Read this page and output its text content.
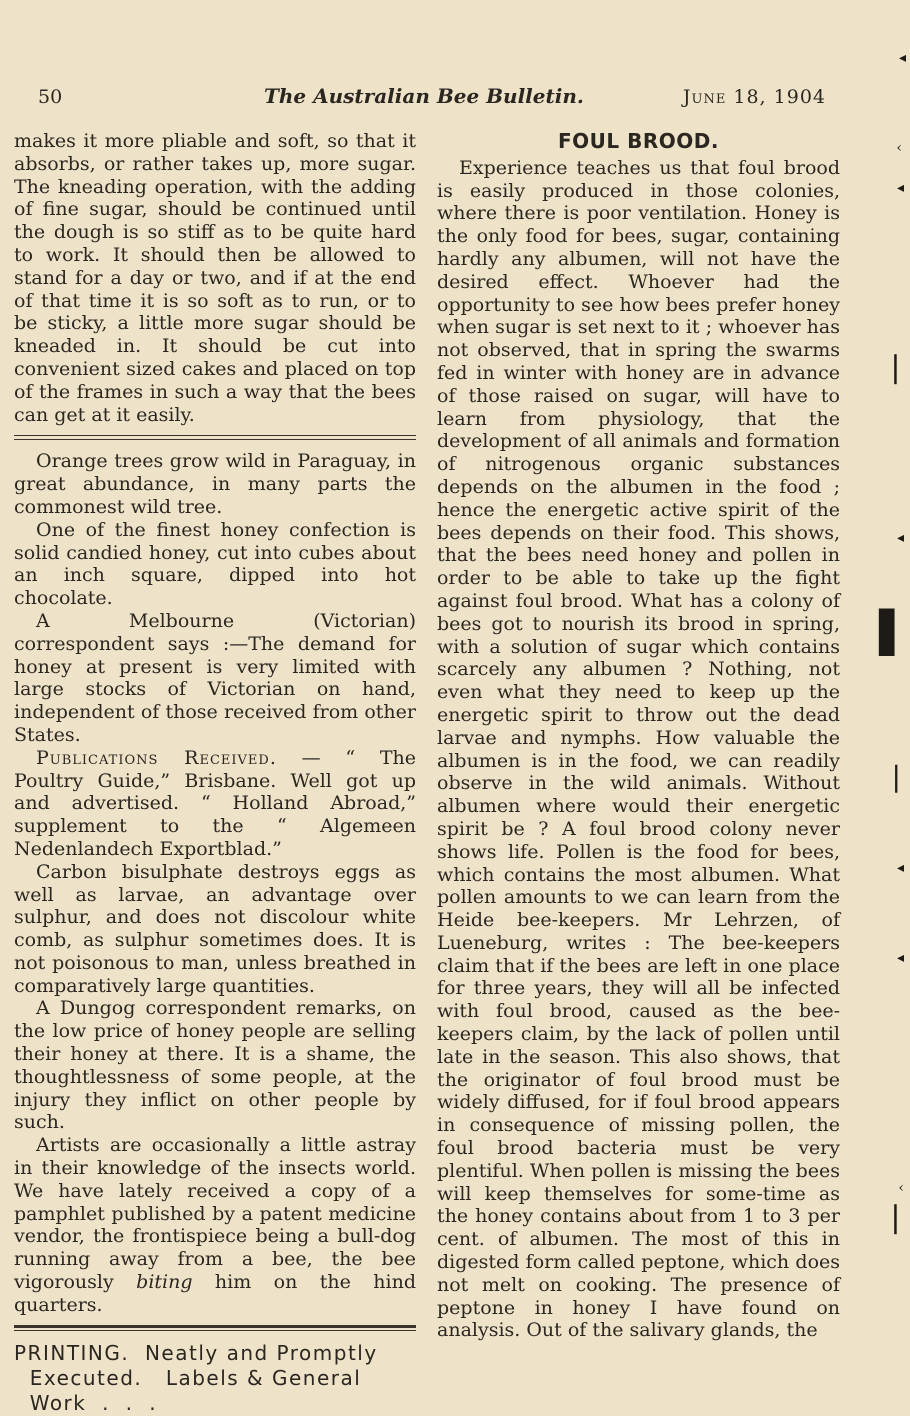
50	The Australian Bee Bulletin.	June 18, 1904

makes it more pliable and soft, so that it absorbs, or rather takes up, more sugar. The kneading operation, with the adding of fine sugar, should be continued until the dough is so stiff as to be quite hard to work. It should then be allowed to stand for a day or two, and if at the end of that time it is so soft as to run, or to be sticky, a little more sugar should be kneaded in. It should be cut into convenient sized cakes and placed on top of the frames in such a way that the bees can get at it easily.

Orange trees grow wild in Paraguay, in great abundance, in many parts the commonest wild tree.

One of the finest honey confection is solid candied honey, cut into cubes about an inch square, dipped into hot chocolate.

A Melbourne (Victorian) correspondent says :—The demand for honey at present is very limited with large stocks of Victorian on hand, independent of those received from other States.

Publications Received. — “ The Poultry Guide,” Brisbane. Well got up and advertised. “ Holland Abroad,” supplement to the “ Algemeen Nedenlandech Exportblad.”

Carbon bisulphate destroys eggs as well as larvae, an advantage over sulphur, and does not discolour white comb, as sulphur sometimes does. It is not poisonous to man, unless breathed in comparatively large quantities.

A Dungog correspondent remarks, on the low price of honey people are selling their honey at there. It is a shame, the thoughtlessness of some people, at the injury they inflict on other people by such.

Artists are occasionally a little astray in their knowledge of the insects world. We have lately received a copy of a pamphlet published by a patent medicine vendor, the frontispiece being a bull-dog running away from a bee, the bee vigorously biting him on the hind quarters.

PRINTING.  Neatly and Promptly
Executed.   Labels & General
Work  .  .  .
FOUL BROOD.

Experience teaches us that foul brood is easily produced in those colonies, where there is poor ventilation. Honey is the only food for bees, sugar, containing hardly any albumen, will not have the desired effect. Whoever had the opportunity to see how bees prefer honey when sugar is set next to it ; whoever has not observed, that in spring the swarms fed in winter with honey are in advance of those raised on sugar, will have to learn from physiology, that the development of all animals and formation of nitrogenous organic substances depends on the albumen in the food ; hence the energetic active spirit of the bees depends on their food. This shows, that the bees need honey and pollen in order to be able to take up the fight against foul brood. What has a colony of bees got to nourish its brood in spring, with a solution of sugar which contains scarcely any albumen ? Nothing, not even what they need to keep up the energetic spirit to throw out the dead larvae and nymphs. How valuable the albumen is in the food, we can readily observe in the wild animals. Without albumen where would their energetic spirit be ? A foul brood colony never shows life. Pollen is the food for bees, which contains the most albumen. What pollen amounts to we can learn from the Heide bee-keepers. Mr Lehrzen, of Lueneburg, writes : The bee-keepers claim that if the bees are left in one place for three years, they will all be infected with foul brood, caused as the bee-keepers claim, by the lack of pollen until late in the season. This also shows, that the originator of foul brood must be widely diffused, for if foul brood appears in consequence of missing pollen, the foul brood bacteria must be very plentiful. When pollen is missing the bees will keep themselves for some-time as the honey contains about from 1 to 3 per cent. of albumen. The most of this in digested form called peptone, which does not melt on cooking. The presence of peptone in honey I have found on analysis. Out of the salivary glands, the

◂
‹
◂
❘
◂
▌
❘
◂
◂
‹
❘
